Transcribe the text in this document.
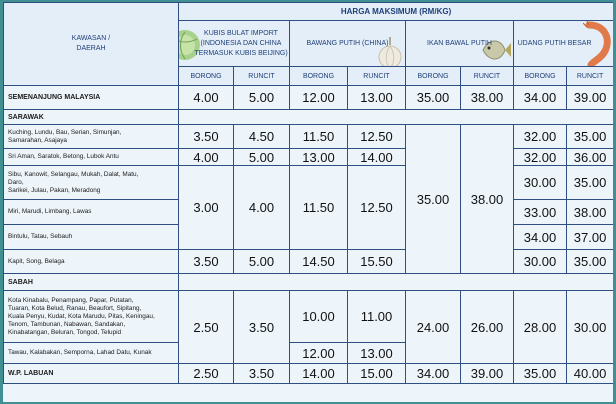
KAWASAN /
DAERAH	HARGA MAKSIMUM (RM/KG)							

	KUBIS BULAT IMPORT
(INDONESIA DAN CHINA
TERMASUK KUBIS BEIJING)		BAWANG PUTIH (CHINA)		IKAN BAWAL PUTIH		UDANG PUTIH BESAR	

	BORONG	RUNCIT	BORONG	RUNCIT	BORONG	RUNCIT	BORONG	RUNCIT
SEMENANJUNG MALAYSIA	4.00	5.00	12.00	13.00	35.00	38.00	34.00	39.00
SARAWAK								

Kuching, Lundu, Bau, Serian, Simunjan,
Samarahan, Asajaya	3.50	4.50	11.50	12.50	35.00	38.00	32.00	35.00

Sri Aman, Saratok, Betong, Lubok Antu	4.00	5.00	13.00	14.00			32.00	36.00

Sibu, Kanowit, Selangau, Mukah, Dalat, Matu,
Daro,
Sarikei, Julau, Pakan, Meradong	3.00	4.00	11.50	12.50			30.00	35.00

Miri, Marudi, Limbang, Lawas							33.00	38.00

Bintulu, Tatau, Sebauh							34.00	37.00

Kapit, Song, Belaga	3.50	5.00	14.50	15.50			30.00	35.00
SABAH								

Kota Kinabalu, Penampang, Papar, Putatan,
Tuaran, Kota Belud, Ranau, Beaufort, Sipitang,
Kuala Penyu, Kudat, Kota Marudu, Pitas, Keningau,
Tenom, Tambunan, Nabawan, Sandakan,
Kinabatangan, Beluran, Tongod, Telupid	2.50	3.50	10.00	11.00	24.00	26.00	28.00	30.00

Tawau, Kalabakan, Semporna, Lahad Datu, Kunak			12.00	13.00				
W.P. LABUAN	2.50	3.50	14.00	15.00	34.00	39.00	35.00	40.00
